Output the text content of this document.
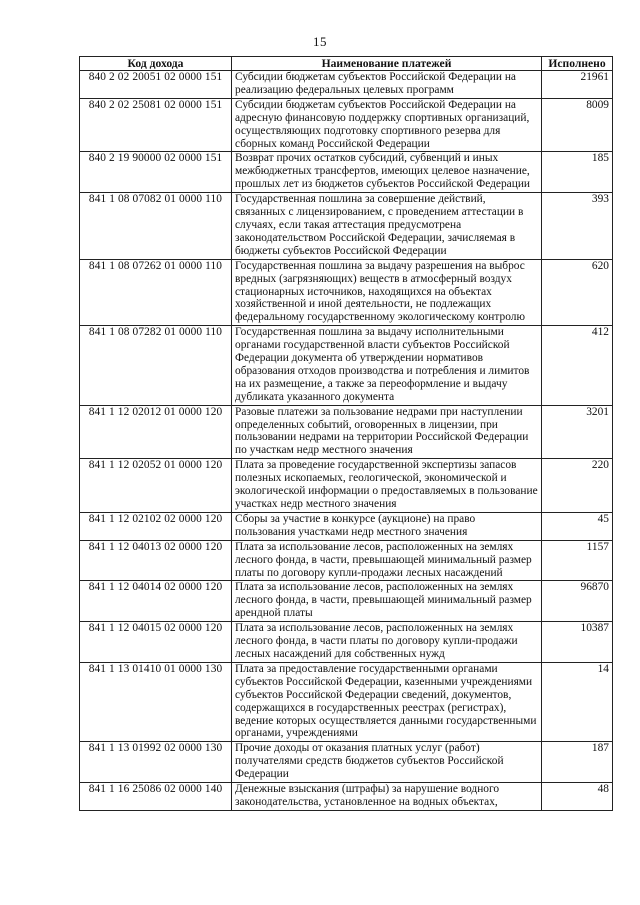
15
Код дохода	Наименование платежей	Исполнено
840 2 02 20051 02 0000 151	Субсидии бюджетам субъектов Российской Федерации на реализацию федеральных целевых программ	21961
840 2 02 25081 02 0000 151	Субсидии бюджетам субъектов Российской Федерации на адресную финансовую поддержку спортивных организаций, осуществляющих подготовку спортивного резерва для сборных команд Российской Федерации	8009
840 2 19 90000 02 0000 151	Возврат прочих остатков субсидий, субвенций и иных межбюджетных трансфертов, имеющих целевое назначение, прошлых лет из бюджетов субъектов Российской Федерации	185
841 1 08 07082 01 0000 110	Государственная пошлина за совершение действий, связанных с лицензированием, с проведением аттестации в случаях, если такая аттестация предусмотрена законодательством Российской Федерации, зачисляемая в бюджеты субъектов Российской Федерации	393
841 1 08 07262 01 0000 110	Государственная пошлина за выдачу разрешения на выброс вредных (загрязняющих) веществ в атмосферный воздух стационарных источников, находящихся на объектах хозяйственной и иной деятельности, не подлежащих федеральному государственному экологическому контролю	620
841 1 08 07282 01 0000 110	Государственная пошлина за выдачу исполнительными органами государственной власти субъектов Российской Федерации документа об утверждении нормативов образования отходов производства и потребления и лимитов на их размещение, а также за переоформление и выдачу дубликата указанного документа	412
841 1 12 02012 01 0000 120	Разовые платежи за пользование недрами при наступлении определенных событий, оговоренных в лицензии, при пользовании недрами на территории Российской Федерации по участкам недр местного значения	3201
841 1 12 02052 01 0000 120	Плата за проведение государственной экспертизы запасов полезных ископаемых, геологической, экономической и экологической информации о предоставляемых в пользование участках недр местного значения	220
841 1 12 02102 02 0000 120	Сборы за участие в конкурсе (аукционе) на право пользования участками недр местного значения	45
841 1 12 04013 02 0000 120	Плата за использование лесов, расположенных на землях лесного фонда, в части, превышающей минимальный размер платы по договору купли-продажи лесных насаждений	1157
841 1 12 04014 02 0000 120	Плата за использование лесов, расположенных на землях лесного фонда, в части, превышающей минимальный размер арендной платы	96870
841 1 12 04015 02 0000 120	Плата за использование лесов, расположенных на землях лесного фонда, в части платы по договору купли-продажи лесных насаждений для собственных нужд	10387
841 1 13 01410 01 0000 130	Плата за предоставление государственными органами субъектов Российской Федерации, казенными учреждениями субъектов Российской Федерации сведений, документов, содержащихся в государственных реестрах (регистрах), ведение которых осуществляется данными государственными органами, учреждениями	14
841 1 13 01992 02 0000 130	Прочие доходы от оказания платных услуг (работ) получателями средств бюджетов субъектов Российской Федерации	187
841 1 16 25086 02 0000 140	Денежные взыскания (штрафы) за нарушение водного законодательства, установленное на водных объектах,	48
